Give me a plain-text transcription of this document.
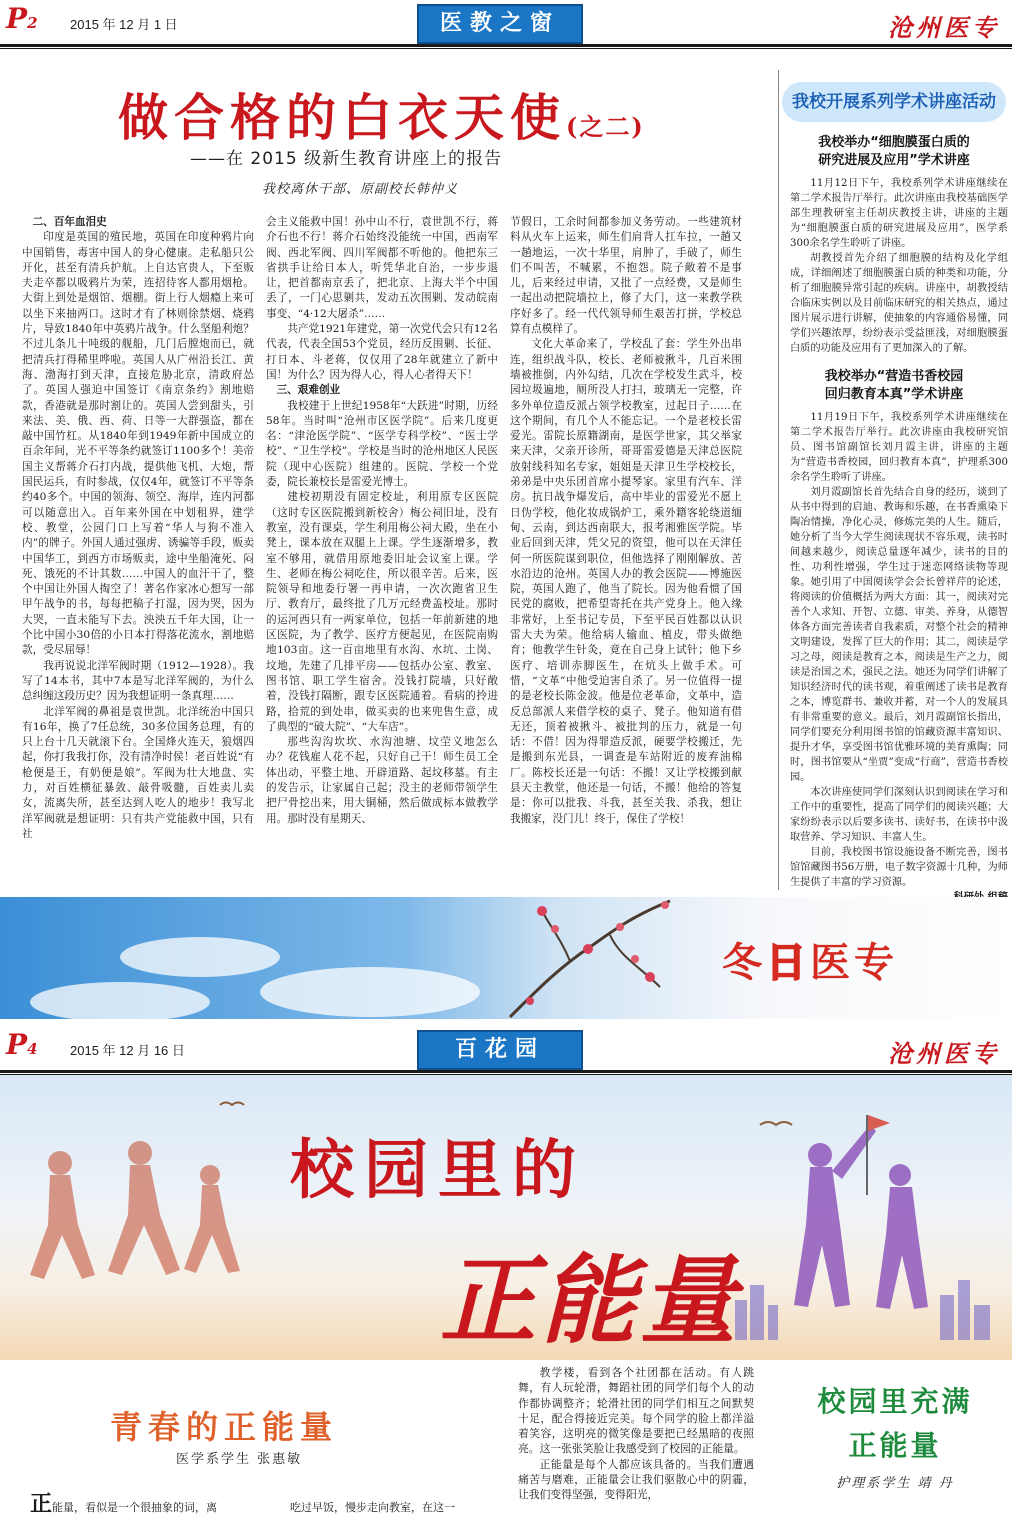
P2	2015 年 12 月 1 日	医教之窗	沧州医专
做合格的白衣天使(之二)
——在 2015 级新生教育讲座上的报告
我校离休干部、原副校长韩仲义

二、百年血泪史

印度是英国的殖民地，英国在印度种鸦片向中国销售，毒害中国人的身心健康。走私船只公开化，甚至有清兵护航。上自达官贵人，下至贩夫走卒都以吸鸦片为荣，连招待客人都用烟枪。大街上到处是烟馆、烟棚。街上行人烟瘾上来可以坐下来抽两口。这时才有了林则徐禁烟、烧鸦片，导致1840年中英鸦片战争。什么坚船利炮？不过儿条儿十吨级的舰船，几门后膛炮而已，就把清兵打得稀里哗啦。英国人从广州沿长江、黄海、渤海打到天津，直接危胁北京，清政府怂了。英国人强迫中国签订《南京条约》割地赔款，香港就是那时割让的。英国人尝到甜头，引来法、美、俄、西、荷、日等一大群强盗，都在敲中国竹杠。从1840年到1949年新中国成立的百余年间，光不平等条约就签订1100多个！美帝国主义帮蒋介石打内战，提供他飞机、大炮，帮国民运兵，有时参战，仅仅4年，就签订不平等条约40多个。中国的领海、领空、海岸，连内河都可以随意出入。百年来外国在中划租界，建学校、教堂，公园门口上写着“华人与狗不准入内”的牌子。外国人通过强虏、诱骗等手段，贩卖中国华工，到西方市场贩卖，途中坐船淹死、闷死、饿死的不计其数……中国人的血汗干了，整个中国让外国人掏空了！著名作家冰心想写一部甲午战争的书，每每把稿子打湿，因为哭，因为大哭，一直未能写下去。泱泱五千年大国，让一个比中国小30倍的小日本打得落花流水，割地赔款，受尽屈辱！

我再说说北洋军阀时期（1912—1928）。我写了14本书，其中7本是写北洋军阀的，为什么总纠缠这段历史？因为我想证明一条真理……

北洋军阀的鼻祖是袁世凯。北洋统治中国只有16年，换了7任总统，30多位国务总理，有的只上台十几天就滚下台。全国烽火连天，狼烟四起，你打我我打你，没有清净时侯！老百姓说“有枪便是王，有奶便是娘”。军阀为壮大地盘、实力，对百姓横征暴敛、敲骨吸髓，百姓卖儿卖女，流离失所，甚至达到人吃人的地步！我写北洋军阀就是想证明：只有共产党能救中国，只有社

会主义能救中国！孙中山不行，袁世凯不行，蒋介石也不行！蒋介石始终没能统一中国，西南军阀、西北军阀、四川军阀都不听他的。他把东三省拱手让给日本人，听凭华北自治，一步步退让，把首都南京丢了，把北京、上海大半个中国丢了，一门心思剿共，发动五次围剿、发动皖南事变、“4·12大屠杀”……

共产党1921年建党，第一次党代会只有12名代表，代表全国53个党员，经历反围剿、长征、打日本、斗老蒋，仅仅用了28年就建立了新中国！为什么？因为得人心，得人心者得天下！

三、艰难创业

我校建于上世纪1958年“大跃进”时期，历经58年。当时叫“沧州市区医学院”。后来几度更名：“津沧医学院”、“医学专科学校”、“医士学校”、“卫生学校”。学校是当时的沧州地区人民医院（现中心医院）组建的。医院、学校一个党委，院长兼校长是雷爱光博士。

建校初期没有固定校址，利用原专区医院（这时专区医院搬到新校舍）梅公祠旧址，没有教室，没有课桌，学生利用梅公祠大殿，坐在小凳上，课本放在双腿上上课。学生逐渐增多，教室不够用，就借用原地委旧址会议室上课。学生、老师在梅公祠吃住，所以很辛苦。后来，医院领导和地委行署一再申请，一次次跑省卫生厅、教育厅，最终批了几万元经费盖校址。那时的运河西只有一两家单位，包括一年前新建的地区医院，为了教学、医疗方便起见，在医院南购地103亩。这一百亩地里有水沟、水坑、土岗、坟地，先建了几排平房——包括办公室、教室、图书馆、职工学生宿舍。没钱打院墙，只好敞着，没钱打隔断，跟专区医院通着。看病的拎进路，拾荒的到处串，做买卖的也来兜售生意，成了典型的“破大院”、“大车店”。

那些沟沟坎坎、水沟池塘、坟茔义地怎么办？花钱雇人花不起，只好自己干！师生员工全体出动，平整土地、开辟道路、起坟移墓。有主的发告示，让家属自己起；没主的老师带领学生把尸骨挖出来，用大铜桶，然后做成标本做教学用。那时没有星期天、

节假日，工余时间都参加义务劳动。一些建筑材料从火车上运来，师生们肩背人扛车拉，一趟又一趟地运，一次十华里，肩肿了，手破了，师生们不叫苦，不喊累，不抱怨。院子敞着不是事儿，后来经过申请，又批了一点经费，又是师生一起出动把院墙拉上，修了大门，这一来教学秩序好多了。经一代代领导师生艰苦打拼，学校总算有点模样了。

文化大革命来了，学校乱了套：学生外出串连，组织战斗队，校长、老师被揪斗，几百米围墙被推倒，内外勾结，几次在学校发生武斗，校园垃圾遍地，厕所没人打扫，玻璃无一完整，许多外单位造反派占领学校教室，过起日子……在这个期间，有几个人不能忘记。一个是老校长雷爱光。雷院长原籍湖南，是医学世家，其父举家来天津，父亲开诊所，哥哥雷爱德是天津总医院放射线科知名专家，姐姐是天津卫生学校校长，弟弟是中央乐团首席小提琴家。家里有汽车、洋房。抗日战争爆发后，高中毕业的雷爱光不愿上日伪学校，他化妆成锅炉工，乘外籍客轮绕道缅甸、云南，到达西南联大，报考湘雅医学院。毕业后回到天津，凭父兄的资望，他可以在天津任何一所医院谋到职位，但他选择了刚刚解放、苦水沿边的沧州。英国人办的教会医院——博施医院，英国人跑了，他当了院长。因为他看惯了国民党的腐败，把希望寄托在共产党身上。他入缘非常好，上至书记专员，下至平民百姓都以认识雷大夫为荣。他给病人输血、植皮，带头做绝育；他教学生针灸，竟在自己身上试针；他下乡医疗、培训赤脚医生，在炕头上做手术。可惜，“文革”中他受迫害自杀了。另一位值得一提的是老校长陈金波。他是位老革命，文革中，造反总部派人来借学校的桌子、凳子。他知道有借无还，顶着被揪斗、被批判的压力，就是一句话：不借！因为得罪造反派，硬要学校搬迁，先是搬到东光县，一调查是车站附近的废弃油棉厂。陈校长还是一句话：不搬！又让学校搬到献县天主教堂，他还是一句话，不搬！他给的答复是：你可以批我、斗我，甚至关我、杀我，想让我搬家，没门儿！终于，保住了学校！

我校开展系列学术讲座活动
我校举办“细胞膜蛋白质的
研究进展及应用”学术讲座

11月12日下午，我校系列学术讲座继续在第二学术报告厅举行。此次讲座由我校基础医学部生理教研室主任胡庆教授主讲，讲座的主题为“细胞膜蛋白质的研究进展及应用”，医学系300余名学生聆听了讲座。

胡教授首先介绍了细胞膜的结构及化学组成，详细阐述了细胞膜蛋白质的种类和功能，分析了细胞膜异常引起的疾病。讲座中，胡教授结合临床实例以及目前临床研究的相关热点，通过图片展示进行讲解，使抽象的内容通俗易懂，同学们兴趣浓厚，纷纷表示受益匪浅，对细胞膜蛋白质的功能及应用有了更加深入的了解。

我校举办“营造书香校园
回归教育本真”学术讲座

11月19日下午，我校系列学术讲座继续在第二学术报告厅举行。此次讲座由我校研究馆员、图书馆副馆长刘月霞主讲，讲座的主题为“营造书香校园，回归教育本真”，护理系300余名学生聆听了讲座。

刘月霞副馆长首先结合自身的经历，谈到了从书中得到的启迪、教诲和乐趣，在书香熏染下陶冶情操，净化心灵，修炼完美的人生。随后，她分析了当今大学生阅读现状不容乐观，读书时间越来越少，阅读总量逐年减少，读书的目的性、功利性增强，学生过于迷恋网络读物等现象。她引用了中国阅读学会会长曾祥芹的论述，将阅读的价值概括为两大方面：其一，阅读对完善个人求知、开智、立德、审美、养身，从德智体各方面完善读者自我素质，对整个社会的精神文明建设，发挥了巨大的作用；其二，阅读是学习之母，阅读是教育之本，阅读是生产之力，阅读是治国之术，强民之法。她还为同学们讲解了知识经济时代的读书观，着重阐述了读书是教育之本，博览群书、兼收并蓄，对一个人的发展具有非常重要的意义。最后，刘月霞副馆长指出，同学们要充分利用图书馆的馆藏资源丰富知识、提升才华，享受图书馆优雅环境的美育熏陶；同时，图书馆要从“坐贾”变成“行商”，营造书香校园。

本次讲座使同学们深刻认识到阅读在学习和工作中的重要性，提高了同学们的阅读兴趣；大家纷纷表示以后要多读书、读好书，在读书中汲取营养、学习知识、丰富人生。

目前，我校图书馆设施设备不断完善，图书馆馆藏图书56万册，电子数字资源十几种，为师生提供了丰富的学习资源。

冬日医专
P4	2015 年 12 月 16 日	百花园	沧州医专
校园里的
正能量
青春的正能量
医学系学生 张惠敏
正能量，看似是一个很抽象的词，离	吃过早饭，慢步走向教室，在这一

教学楼，看到各个社团都在活动。有人跳舞，有人玩轮滑，舞蹈社团的同学们每个人的动作都协调整齐；轮滑社团的同学们相互之间默契十足，配合得接近完美。每个同学的脸上都洋溢着笑容，这明亮的微笑像是要把已经黑暗的夜照亮。这一张张笑脸让我感受到了校园的正能量。

正能量是每个人都应该具备的。当我们遭遇痛苦与磨难，正能量会让我们驱散心中的阴霾，让我们变得坚强，变得阳光，

校园里充满
正能量
护理系学生 靖 丹
